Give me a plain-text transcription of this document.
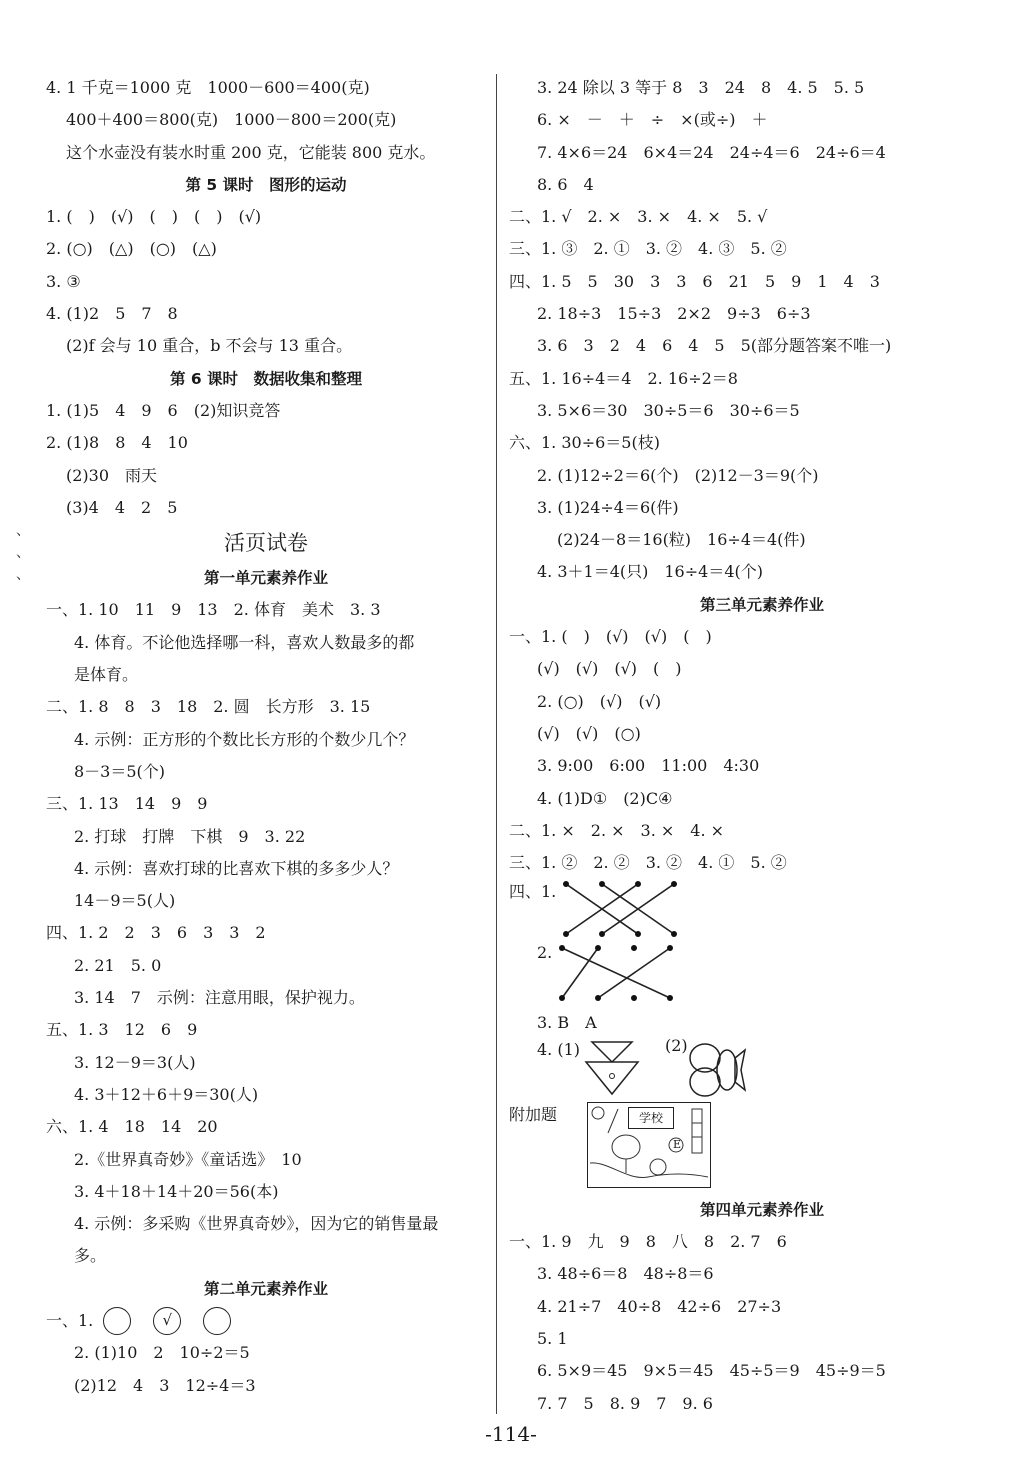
4. 1 千克＝1000 克　1000－600＝400(克)
400＋400＝800(克)　1000－800＝200(克)
这个水壶没有装水时重 200 克，它能装 800 克水。
第 5 课时　图形的运动
1. (　)　(√)　(　)　(　)　(√)
2. (○)　(△)　(○)　(△)
3. ③
4. (1)2　5　7　8
(2)f 会与 10 重合，b 不会与 13 重合。
第 6 课时　数据收集和整理
1. (1)5　4　9　6　(2)知识竞答
2. (1)8　8　4　10
(2)30　雨天
(3)4　4　2　5
活页试卷
第一单元素养作业
一、1. 10　11　9　13　2. 体育　美术　3. 3
4. 体育。不论他选择哪一科，喜欢人数最多的都
是体育。
二、1. 8　8　3　18　2. 圆　长方形　3. 15
4. 示例：正方形的个数比长方形的个数少几个？
8－3＝5(个)
三、1. 13　14　9　9
2. 打球　打牌　下棋　9　3. 22
4. 示例：喜欢打球的比喜欢下棋的多多少人？
14－9＝5(人)
四、1. 2　2　3　6　3　3　2
2. 21　5. 0
3. 14　7　示例：注意用眼，保护视力。
五、1. 3　12　6　9
3. 12－9＝3(人)
4. 3＋12＋6＋9＝30(人)
六、1. 4　18　14　20
2.《世界真奇妙》《童话选》　10
3. 4＋18＋14＋20＝56(本)
4. 示例：多采购《世界真奇妙》，因为它的销售量最
多。
第二单元素养作业
一、1.	√
2. (1)10　2　10÷2＝5
(2)12　4　3　12÷4＝3
3. 24 除以 3 等于 8　3　24　8　4. 5　5. 5
6. ×　－　＋　÷　×(或÷)　＋
7. 4×6＝24　6×4＝24　24÷4＝6　24÷6＝4
8. 6　4
二、1. √　2. ×　3. ×　4. ×　5. √
三、1. ③　2. ①　3. ②　4. ③　5. ②
四、1. 5　5　30　3　3　6　21　5　9　1　4　3
2. 18÷3　15÷3　2×2　9÷3　6÷3
3. 6　3　2　4　6　4　5　5(部分题答案不唯一)
五、1. 16÷4＝4　2. 16÷2＝8
3. 5×6＝30　30÷5＝6　30÷6＝5
六、1. 30÷6＝5(枝)
2. (1)12÷2＝6(个)　(2)12－3＝9(个)
3. (1)24÷4＝6(件)
(2)24－8＝16(粒)　16÷4＝4(件)
4. 3＋1＝4(只)　16÷4＝4(个)
第三单元素养作业
一、1. (　)　(√)　(√)　(　)
(√)　(√)　(√)　(　)
2. (○)　(√)　(√)
(√)　(√)　(○)
3. 9:00　6:00　11:00　4:30
4. (1)D①　(2)C④
二、1. ×　2. ×　3. ×　4. ×
三、1. ②　2. ②　3. ②　4. ①　5. ②
四、1.
2.
3. B　A
4. (1)	(2)
附加题	学校
E
第四单元素养作业
一、1. 9　九　9　8　八　8　2. 7　6
3. 48÷6＝8　48÷8＝6
4. 21÷7　40÷8　42÷6　27÷3
5. 1
6. 5×9＝45　9×5＝45　45÷5＝9　45÷9＝5
7. 7　5　8. 9　7　9. 6
、
、
、
-114-
